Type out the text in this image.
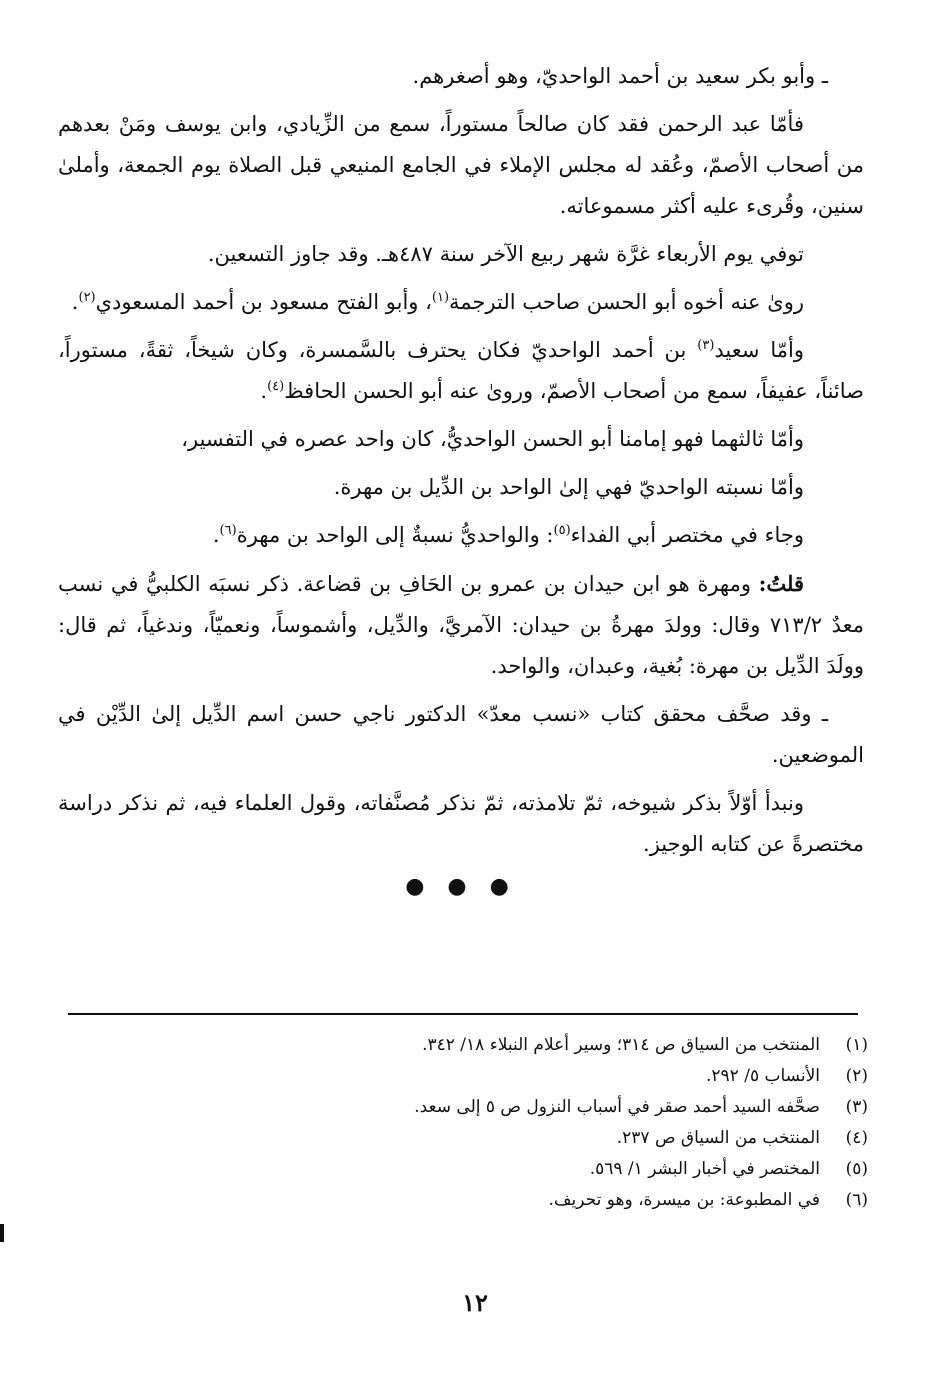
ـ وأبو بكر سعيد بن أحمد الواحديّ، وهو أصغرهم.

فأمّا عبد الرحمن فقد كان صالحاً مستوراً، سمع من الزِّيادي، وابن يوسف ومَنْ بعدهم من أصحاب الأصمّ، وعُقد له مجلس الإملاء في الجامع المنيعي قبل الصلاة يوم الجمعة، وأملىٰ سنين، وقُرىء عليه أكثر مسموعاته.

توفي يوم الأربعاء غرَّة شهر ربيع الآخر سنة ٤٨٧هـ. وقد جاوز التسعين.

روىٰ عنه أخوه أبو الحسن صاحب الترجمة$^{(١)}$، وأبو الفتح مسعود بن أحمد المسعودي$^{(٢)}$.

وأمّا سعيد$^{(٣)}$ بن أحمد الواحديّ فكان يحترف بالسَّمسرة، وكان شيخاً، ثقةً، مستوراً، صائناً، عفيفاً، سمع من أصحاب الأصمّ، وروىٰ عنه أبو الحسن الحافظ$^{(٤)}$.

وأمّا ثالثهما فهو إمامنا أبو الحسن الواحديُّ، كان واحد عصره في التفسير،

وأمّا نسبته الواحديّ فهي إلىٰ الواحد بن الدِّيل بن مهرة.

وجاء في مختصر أبي الفداء$^{(٥)}$: والواحديُّ نسبةٌ إلى الواحد بن مهرة$^{(٦)}$.

قلتُ: ومهرة هو ابن حيدان بن عمرو بن الحَافِ بن قضاعة. ذكر نسبَه الكلبيُّ في نسب معدٌ ٧١٣/٢ وقال: وولدَ مهرةُ بن حيدان: الآمريَّ، والدِّيل، وأشموساً، ونعميّاً، وندغياً، ثم قال: وولَدَ الدِّيل بن مهرة: بُغية، وعبدان، والواحد.

ـ وقد صحَّف محقق كتاب «نسب معدّ» الدكتور ناجي حسن اسم الدِّيل إلىٰ الدِّيْن في الموضعين.

ونبدأ أوّلاً بذكر شيوخه، ثمّ تلامذته، ثمّ نذكر مُصنَّفاته، وقول العلماء فيه، ثم نذكر دراسة مختصرةً عن كتابه الوجيز.

● ● ●

(١)المنتخب من السياق ص ٣١٤؛ وسير أعلام النبلاء ١٨/ ٣٤٢.
(٢)الأنساب ٥/ ٢٩٢.
(٣)صحَّفه السيد أحمد صقر في أسباب النزول ص ٥ إلى سعد.
(٤)المنتخب من السياق ص ٢٣٧.
(٥)المختصر في أخبار البشر ١/ ٥٦٩.
(٦)في المطبوعة: بن ميسرة، وهو تحريف.
١٢
